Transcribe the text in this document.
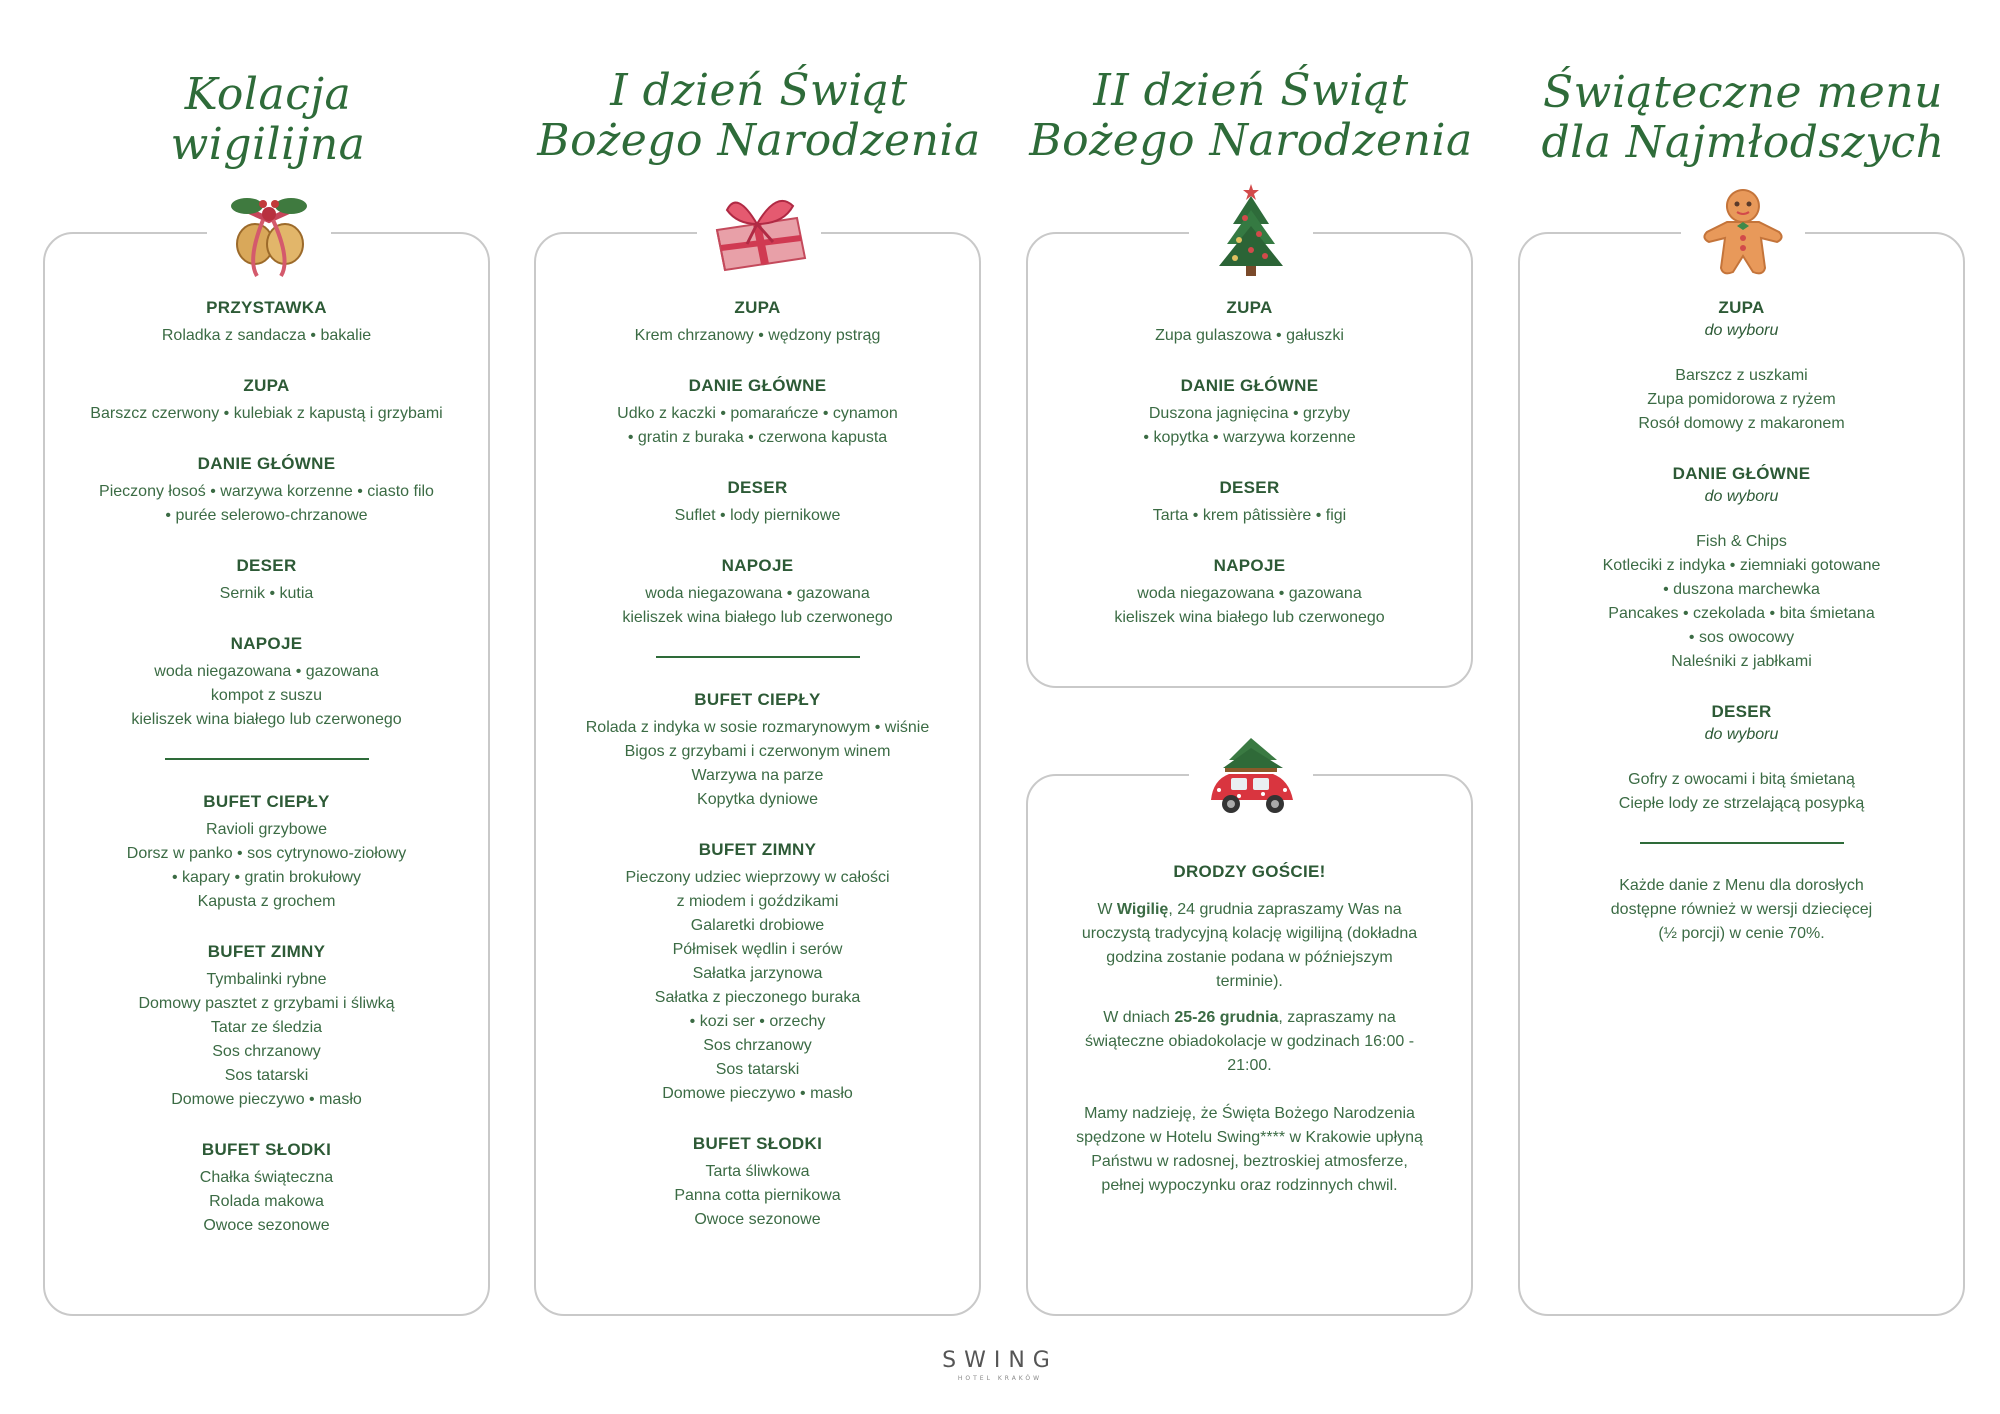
Kolacja
wigilijna
PRZYSTAWKA
Roladka z sandacza • bakalie
ZUPA
Barszcz czerwony • kulebiak z kapustą i grzybami
DANIE GŁÓWNE
Pieczony łosoś • warzywa korzenne • ciasto filo
• purée selerowo-chrzanowe
DESER
Sernik • kutia
NAPOJE
woda niegazowana • gazowana
kompot z suszu
kieliszek wina białego lub czerwonego
BUFET CIEPŁY
Ravioli grzybowe
Dorsz w panko • sos cytrynowo-ziołowy
• kapary • gratin brokułowy
Kapusta z grochem
BUFET ZIMNY
Tymbalinki rybne
Domowy pasztet z grzybami i śliwką
Tatar ze śledzia
Sos chrzanowy
Sos tatarski
Domowe pieczywo • masło
BUFET SŁODKI
Chałka świąteczna
Rolada makowa
Owoce sezonowe
I dzień Świąt
Bożego Narodzenia
ZUPA
Krem chrzanowy • wędzony pstrąg
DANIE GŁÓWNE
Udko z kaczki • pomarańcze • cynamon
• gratin z buraka • czerwona kapusta
DESER
Suflet • lody piernikowe
NAPOJE
woda niegazowana • gazowana
kieliszek wina białego lub czerwonego
BUFET CIEPŁY
Rolada z indyka w sosie rozmarynowym • wiśnie
Bigos z grzybami i czerwonym winem
Warzywa na parze
Kopytka dyniowe
BUFET ZIMNY
Pieczony udziec wieprzowy w całości
z miodem i goździkami
Galaretki drobiowe
Półmisek wędlin i serów
Sałatka jarzynowa
Sałatka z pieczonego buraka
• kozi ser • orzechy
Sos chrzanowy
Sos tatarski
Domowe pieczywo • masło
BUFET SŁODKI
Tarta śliwkowa
Panna cotta piernikowa
Owoce sezonowe
II dzień Świąt
Bożego Narodzenia
ZUPA
Zupa gulaszowa • gałuszki
DANIE GŁÓWNE
Duszona jagnięcina • grzyby
• kopytka • warzywa korzenne
DESER
Tarta • krem pâtissière • figi
NAPOJE
woda niegazowana • gazowana
kieliszek wina białego lub czerwonego
DRODZY GOŚCIE!

W Wigilię, 24 grudnia zapraszamy Was na uroczystą tradycyjną kolację wigilijną (dokładna godzina zostanie podana w późniejszym terminie).

W dniach 25-26 grudnia, zapraszamy na świąteczne obiadokolacje w godzinach 16:00 - 21:00.

Mamy nadzieję, że Święta Bożego Narodzenia spędzone w Hotelu Swing**** w Krakowie upłyną Państwu w radosnej, beztroskiej atmosferze, pełnej wypoczynku oraz rodzinnych chwil.

Świąteczne menu
dla Najmłodszych
ZUPA
do wyboru
Barszcz z uszkami
Zupa pomidorowa z ryżem
Rosół domowy z makaronem
DANIE GŁÓWNE
do wyboru
Fish & Chips
Kotleciki z indyka • ziemniaki gotowane
• duszona marchewka
Pancakes • czekolada • bita śmietana
• sos owocowy
Naleśniki z jabłkami
DESER
do wyboru
Gofry z owocami i bitą śmietaną
Ciepłe lody ze strzelającą posypką
Każde danie z Menu dla dorosłych
dostępne również w wersji dziecięcej
(½ porcji) w cenie 70%.
SWING
HOTEL KRAKÓW
